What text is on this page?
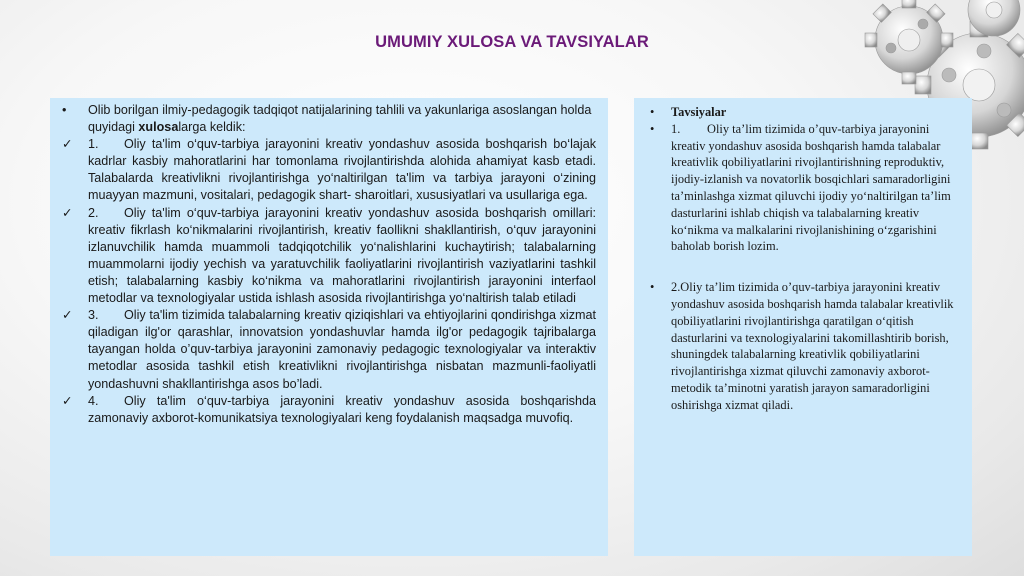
UMUMIY XULOSA VA TAVSIYALAR
•	Olib borilgan ilmiy-pedagogik tadqiqot natijalarining tahlili va yakunlariga asoslangan holda quyidagi xulosalarga keldik:
✓	1. Oliy ta'lim o‘quv-tarbiya jarayonini kreativ yondashuv asosida boshqarish bo‘lajak kadrlar kasbiy mahoratlarini har tomonlama rivojlantirishda alohida ahamiyat kasb etadi. Talabalarda kreativlikni rivojlantirishga yo‘naltirilgan ta'lim va tarbiya jarayoni o‘zining muayyan mazmuni, vositalari, pedagogik shart- sharoitlari, xususiyatlari va usullariga ega.
✓	2. Oliy ta'lim o‘quv-tarbiya jarayonini kreativ yondashuv asosida boshqarish omillari: kreativ fikrlash ko‘nikmalarini rivojlantirish, kreativ faollikni shakllantirish, o‘quv jarayonini izlanuvchilik hamda muammoli tadqiqotchilik yo‘nalishlarini kuchaytirish; talabalarning muammolarni ijodiy yechish va yaratuvchilik faoliyatlarini rivojlantirish vaziyatlarini tashkil etish; talabalarning kasbiy ko‘nikma va mahoratlarini rivojlantirish jarayonini interfaol metodlar va texnologiyalar ustida ishlash asosida rivojlantirishga yo‘naltirish talab etiladi
✓	3. Oliy ta'lim tizimida talabalarning kreativ qiziqishlari va ehtiyojlarini qondirishga xizmat qiladigan ilg'or qarashlar, innovatsion yondashuvlar hamda ilg'or pedagogik tajribalarga tayangan holda o’quv-tarbiya jarayonini zamonaviy pedagogic texnologiyalar va interaktiv metodlar asosida tashkil etish kreativlikni rivojlantirishga nisbatan mazmunli-faoliyatli yondashuvni shakllantirishga asos bo’ladi.
✓	4. Oliy ta'lim o‘quv-tarbiya jarayonini kreativ yondashuv asosida boshqarishda zamonaviy axborot-komunikatsiya texnologiyalari keng foydalanish maqsadga muvofiq.
•	Tavsiyalar
•	1. Oliy ta’lim tizimida o’quv-tarbiya jarayonini kreativ yondashuv asosida boshqarish hamda talabalar kreativlik qobiliyatlarini rivojlantirishning reproduktiv, ijodiy-izlanish va novatorlik bosqichlari samaradorligini ta’minlashga xizmat qiluvchi ijodiy yo‘naltirilgan ta’lim dasturlarini ishlab chiqish va talabalarning kreativ ko‘nikma va malkalarini rivojlanishining o‘zgarishini baholab borish lozim.
•	2.Oliy ta’lim tizimida o’quv-tarbiya jarayonini kreativ yondashuv asosida boshqarish hamda talabalar kreativlik qobiliyatlarini rivojlantirishga qaratilgan o‘qitish dasturlarini va texnologiyalarini takomillashtirib borish, shuningdek talabalarning kreativlik qobiliyatlarini rivojlantirishga xizmat qiluvchi zamonaviy axborot-metodik ta’minotni yaratish jarayon samaradorligini oshirishga xizmat qiladi.
